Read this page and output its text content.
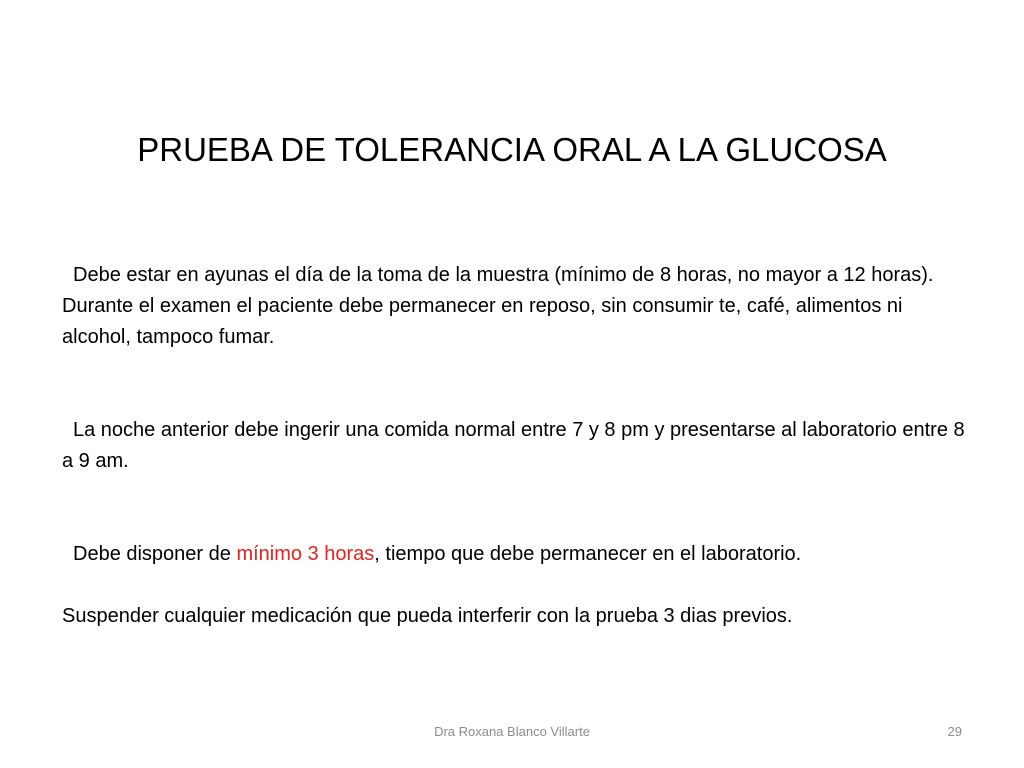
PRUEBA DE TOLERANCIA ORAL A LA GLUCOSA

Debe estar en ayunas el día de la toma de la muestra (mínimo de 8 horas, no mayor a 12 horas).

Durante el examen el paciente debe permanecer en reposo, sin consumir te, café, alimentos ni alcohol, tampoco fumar.

La noche anterior debe ingerir una comida normal entre 7 y 8 pm y presentarse al laboratorio entre 8 a 9 am.

Debe disponer de mínimo 3 horas, tiempo que debe permanecer en el laboratorio.

Suspender cualquier medicación que pueda interferir con la prueba 3 dias previos.

Dra Roxana Blanco Villarte	29
